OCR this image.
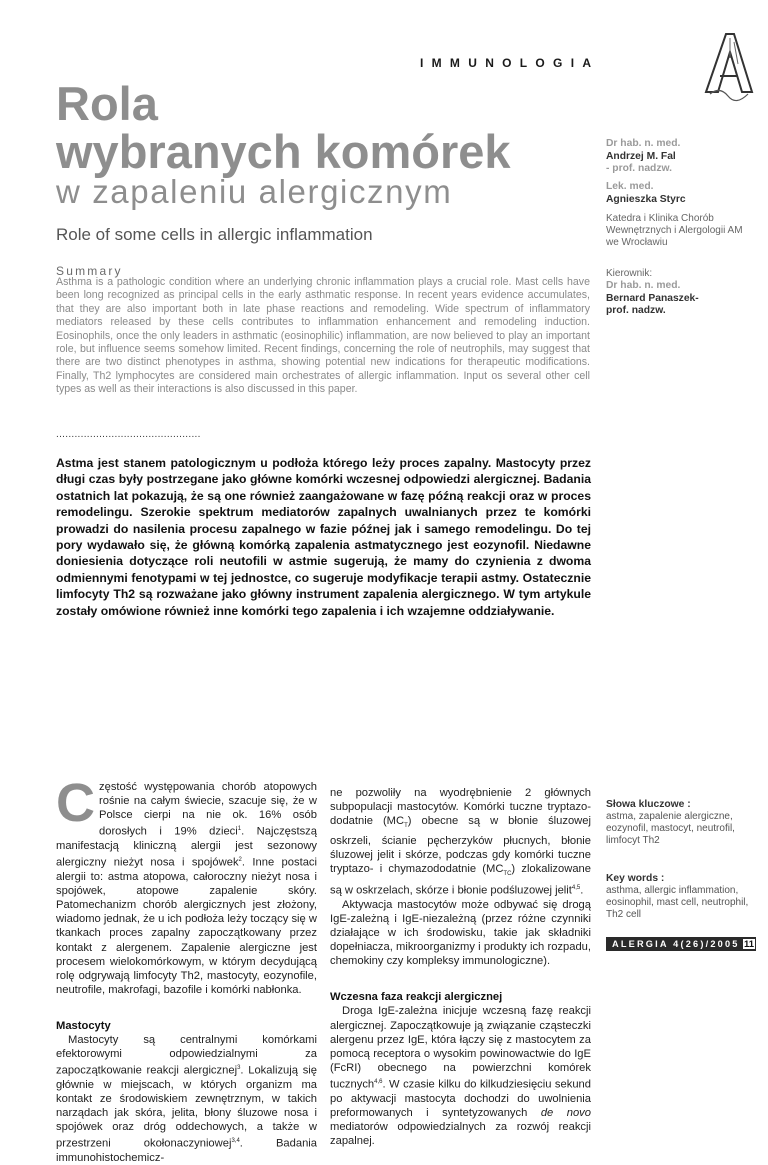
IMMUNOLOGIA
Rola
wybranych komórek
w zapaleniu alergicznym
Role of some cells in allergic inflammation
Summary
Asthma is a pathologic condition where an underlying chronic inflammation plays a crucial role. Mast cells have been long recognized as principal cells in the early asthmatic response. In recent years evidence accumulates, that they are also important both in late phase reactions and remodeling. Wide spectrum of inflammatory mediators released by these cells contributes to inflammation enhancement and remodeling induction. Eosinophils, once the only leaders in asthmatic (eosinophilic) inflammation, are now believed to play an important role, but influence seems somehow limited. Recent findings, concerning the role of neutrophils, may suggest that there are two distinct phenotypes in asthma, showing potential new indications for therapeutic modifications. Finally, Th2 lymphocytes are considered main orchestrates of allergic inflammation. Input os several other cell types as well as their interactions is also discussed in this paper.
...............................................
Astma jest stanem patologicznym u podłoża którego leży proces zapalny. Mastocyty przez długi czas były postrzegane jako główne komórki wczesnej odpowiedzi alergicznej. Badania ostatnich lat pokazują, że są one również zaangażowane w fazę późną reakcji oraz w proces remodelingu. Szerokie spektrum mediatorów zapalnych uwalnianych przez te komórki prowadzi do nasilenia procesu zapalnego w fazie późnej jak i samego remodelingu. Do tej pory wydawało się, że główną komórką zapalenia astmatycznego jest eozynofil. Niedawne doniesienia dotyczące roli neutofili w astmie sugerują, że mamy do czynienia z dwoma odmiennymi fenotypami w tej jednostce, co sugeruje modyfikacje terapii astmy. Ostatecznie limfocyty Th2 są rozważane jako główny instrument zapalenia alergicznego. W tym artykule zostały omówione również inne komórki tego zapalenia i ich wzajemne oddziaływanie.
Dr hab. n. med.
Andrzej M. Fal
- prof. nadzw.
Lek. med.
Agnieszka Styrc
Katedra i Klinika Chorób Wewnętrznych i Alergologii AM we Wrocławiu
Kierownik:
Dr hab. n. med.
Bernard Panaszek-
prof. nadzw.

C zęstość występowania chorób atopowych rośnie na całym świecie, szacuje się, że w Polsce cierpi na nie ok. 16% osób dorosłych i 19% dzieci$^1$. Najczęstszą manifestacją kliniczną alergii jest sezonowy alergiczny nieżyt nosa i spojówek$^2$. Inne postaci alergii to: astma atopowa, całoroczny nieżyt nosa i spojówek, atopowe zapalenie skóry. Patomechanizm chorób alergicznych jest złożony, wiadomo jednak, że u ich podłoża leży toczący się w tkankach proces zapalny zapoczątkowany przez kontakt z alergenem. Zapalenie alergiczne jest procesem wielokomórkowym, w którym decydującą rolę odgrywają limfocyty Th2, mastocyty, eozynofile, neutrofile, makrofagi, bazofile i komórki nabłonka.

Mastocyty

Mastocyty są centralnymi komórkami efektorowymi odpowiedzialnymi za zapoczątkowanie reakcji alergicznej$^3$. Lokalizują się głównie w miejscach, w których organizm ma kontakt ze środowiskiem zewnętrznym, w takich narządach jak skóra, jelita, błony śluzowe nosa i spojówek oraz dróg oddechowych, a także w przestrzeni okołonaczyniowej$^{3,4}$. Badania immunohistochemicz-

ne pozwoliły na wyodrębnienie 2 głównych subpopulacji mastocytów. Komórki tuczne tryptazo-dodatnie $(MC_T)$ obecne są w błonie śluzowej oskrzeli, ścianie pęcherzyków płucnych, błonie śluzowej jelit i skórze, podczas gdy komórki tuczne tryptazo- i chymazododatnie $(MC_{TC})$ zlokalizowane są w oskrzelach, skórze i błonie podśluzowej jelit$^{4,5}$.

Aktywacja mastocytów może odbywać się drogą IgE-zależną i IgE-niezależną (przez różne czynniki działające w ich środowisku, takie jak składniki dopełniacza, mikroorganizmy i produkty ich rozpadu, chemokiny czy kompleksy immunologiczne).

Wczesna faza reakcji alergicznej

Droga IgE-zależna inicjuje wczesną fazę reakcji alergicznej. Zapoczątkowuje ją związanie cząsteczki alergenu przez IgE, która łączy się z mastocytem za pomocą receptora o wysokim powinowactwie do IgE (FcRI) obecnego na powierzchni komórek tucznych$^{4,6}$. W czasie kilku do kilkudziesięciu sekund po aktywacji mastocyta dochodzi do uwolnienia preformowanych i syntetyzowanych de novo mediatorów odpowiedzialnych za rozwój reakcji zapalnej.

Słowa kluczowe :
astma, zapalenie alergiczne, eozynofil, mastocyt, neutrofil, limfocyt Th2
Key words :
asthma, allergic inflammation, eosinophil, mast cell, neutrophil, Th2 cell
ALERGIA 4(26)/2005 11
